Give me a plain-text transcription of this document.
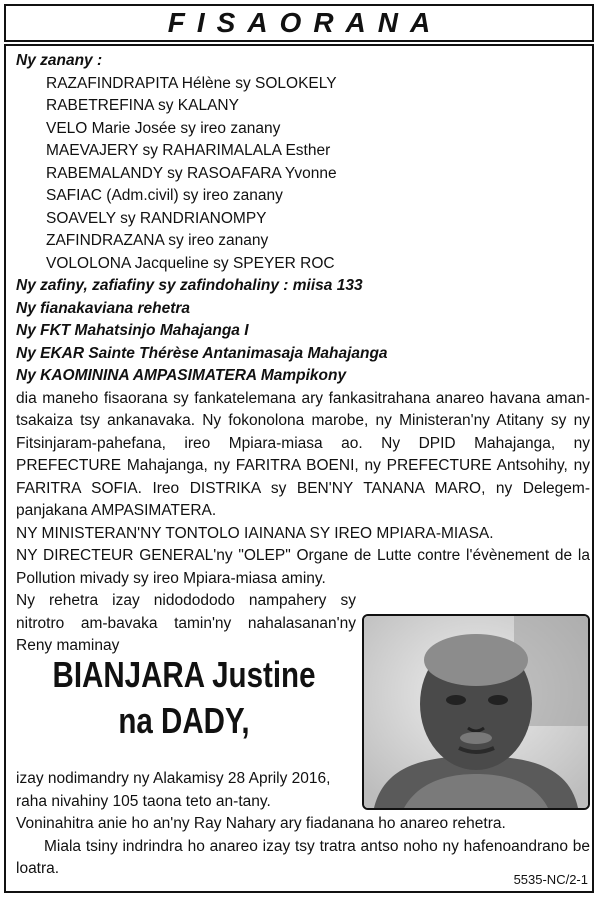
FISAORANA

Ny zanany :

RAZAFINDRAPITA Hélène sy SOLOKELY

RABETREFINA sy KALANY

VELO Marie Josée sy ireo zanany

MAEVAJERY sy RAHARIMALALA Esther

RABEMALANDY sy RASOAFARA Yvonne

SAFIAC (Adm.civil) sy ireo zanany

SOAVELY sy RANDRIANOMPY

ZAFINDRAZANA sy ireo zanany

VOLOLONA Jacqueline sy SPEYER ROC

Ny zafiny, zafiafiny sy zafindohaliny : miisa 133

Ny fianakaviana rehetra

Ny FKT Mahatsinjo Mahajanga I

Ny EKAR Sainte Thérèse Antanimasaja Mahajanga

Ny KAOMININA AMPASIMATERA Mampikony

dia maneho fisaorana sy fankatelemana ary fankasitrahana anareo havana aman-tsakaiza tsy ankanavaka. Ny fokonolona marobe, ny Ministeran'ny Atitany sy ny Fitsinjaram-pahefana, ireo Mpiara-miasa ao. Ny DPID Mahajanga, ny PREFECTURE Mahajanga, ny FARITRA BOENI, ny PREFECTURE Antsohihy, ny FARITRA SOFIA. Ireo DISTRIKA sy BEN'NY TANANA MARO, ny Delegem-panjakana AMPASIMATERA.

NY MINISTERAN'NY TONTOLO IAINANA SY IREO MPIARA-MIASA.

NY DIRECTEUR GENERAL'ny "OLEP" Organe de Lutte contre l'évènement de la Pollution mivady sy ireo Mpiara-miasa aminy.

Ny rehetra izay nidodododo nampahery sy nitrotro am-bavaka tamin'ny nahalasanan'ny Reny maminay

BIANJARA Justine
na DADY,

izay nodimandry ny Alakamisy 28 Aprily 2016,

raha nivahiny 105 taona teto an-tany.

Voninahitra anie ho an'ny Ray Nahary ary fiadanana ho anareo rehetra.

Miala tsiny indrindra ho anareo izay tsy tratra antso noho ny hafenoandrano be loatra.

5535-NC/2-1
